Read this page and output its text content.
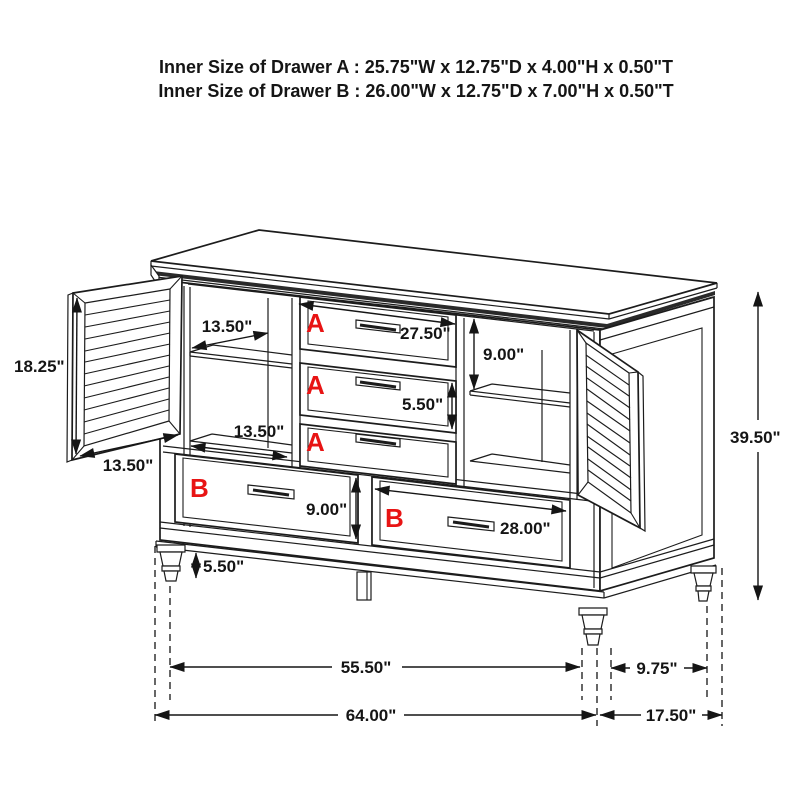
Inner Size of Drawer A : 25.75"W x 12.75"D x 4.00"H x 0.50"T
Inner Size of Drawer B : 26.00"W x 12.75"D x 7.00"H x 0.50"T
A
A
A
B
B
18.25"
13.50"
13.50"
13.50"
27.50"
9.00"
5.50"
9.00"
28.00"
5.50"
39.50"
55.50"	9.75"
64.00"	17.50"
